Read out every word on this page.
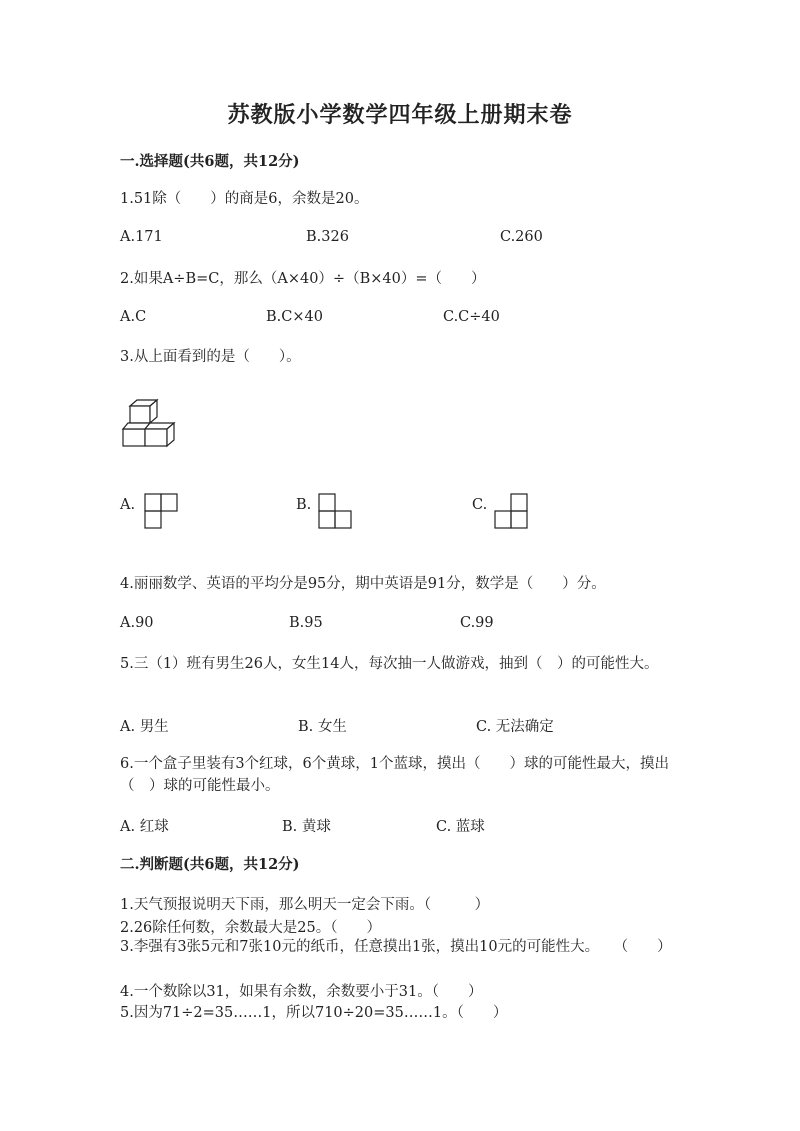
苏教版小学数学四年级上册期末卷
一.选择题(共6题，共12分)
1.51除（　　）的商是6，余数是20。
A.171	B.326	C.260
2.如果A÷B=C，那么（A×40）÷（B×40）=（　　）
A.C	B.C×40	C.C÷40
3.从上面看到的是（　　）。
A.	B.	C.
4.丽丽数学、英语的平均分是95分，期中英语是91分，数学是（　　）分。
A.90	B.95	C.99
5.三（1）班有男生26人，女生14人，每次抽一人做游戏，抽到（　）的可能性大。
A. 男生	B. 女生	C. 无法确定
6.一个盒子里装有3个红球，6个黄球，1个蓝球，摸出（　　）球的可能性最大，摸出（　）球的可能性最小。
A. 红球	B. 黄球	C. 蓝球
二.判断题(共6题，共12分)
1.天气预报说明天下雨，那么明天一定会下雨。（　　　）
2.26除任何数，余数最大是25。（　　）
3.李强有3张5元和7张10元的纸币，任意摸出1张，摸出10元的可能性大。　　（　　）
4.一个数除以31，如果有余数，余数要小于31。（　　）
5.因为71÷2=35……1，所以710÷20=35……1。（　　）
